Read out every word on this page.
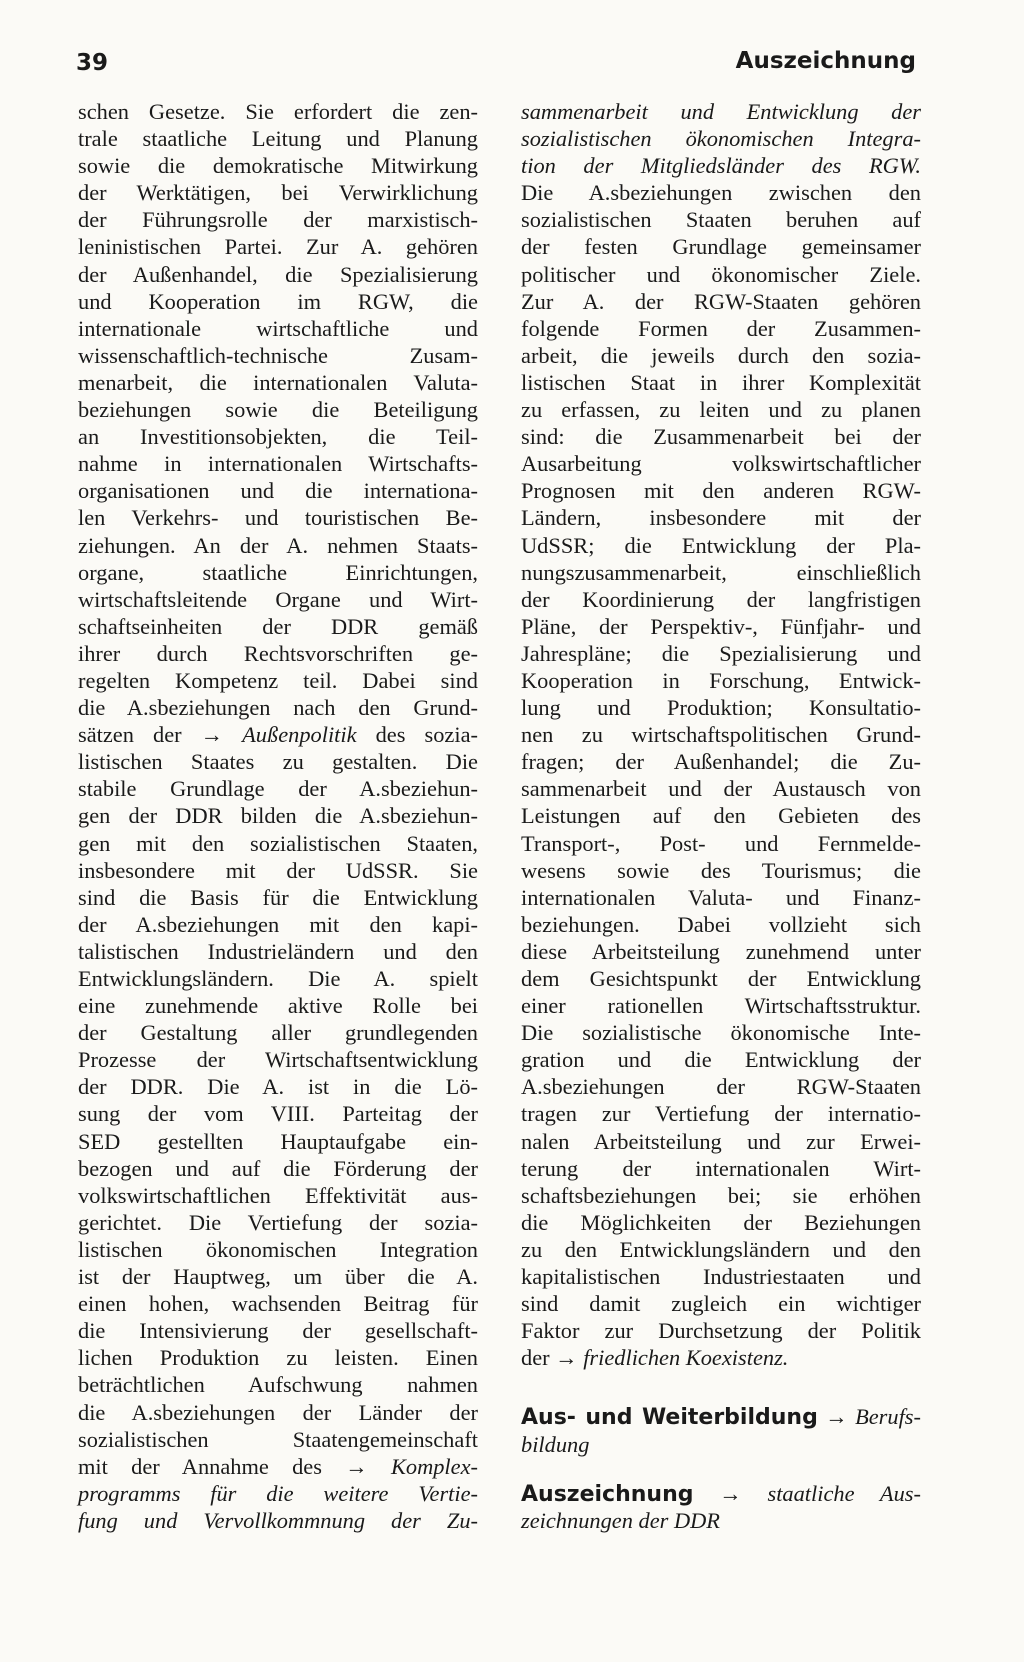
39	Auszeichnung
schen Gesetze. Sie erfordert die zen-
trale staatliche Leitung und Planung
sowie die demokratische Mitwirkung
der Werktätigen, bei Verwirklichung
der Führungsrolle der marxistisch-
leninistischen Partei. Zur A. gehören
der Außenhandel, die Spezialisierung
und Kooperation im RGW, die
internationale wirtschaftliche und
wissenschaftlich-technische Zusam-
menarbeit, die internationalen Valuta-
beziehungen sowie die Beteiligung
an Investitionsobjekten, die Teil-
nahme in internationalen Wirtschafts-
organisationen und die internationa-
len Verkehrs- und touristischen Be-
ziehungen. An der A. nehmen Staats-
organe, staatliche Einrichtungen,
wirtschaftsleitende Organe und Wirt-
schaftseinheiten der DDR gemäß
ihrer durch Rechtsvorschriften ge-
regelten Kompetenz teil. Dabei sind
die A.sbeziehungen nach den Grund-
sätzen der → Außenpolitik des sozia-
listischen Staates zu gestalten. Die
stabile Grundlage der A.sbeziehun-
gen der DDR bilden die A.sbeziehun-
gen mit den sozialistischen Staaten,
insbesondere mit der UdSSR. Sie
sind die Basis für die Entwicklung
der A.sbeziehungen mit den kapi-
talistischen Industrieländern und den
Entwicklungsländern. Die A. spielt
eine zunehmende aktive Rolle bei
der Gestaltung aller grundlegenden
Prozesse der Wirtschaftsentwicklung
der DDR. Die A. ist in die Lö-
sung der vom VIII. Parteitag der
SED gestellten Hauptaufgabe ein-
bezogen und auf die Förderung der
volkswirtschaftlichen Effektivität aus-
gerichtet. Die Vertiefung der sozia-
listischen ökonomischen Integration
ist der Hauptweg, um über die A.
einen hohen, wachsenden Beitrag für
die Intensivierung der gesellschaft-
lichen Produktion zu leisten. Einen
beträchtlichen Aufschwung nahmen
die A.sbeziehungen der Länder der
sozialistischen Staatengemeinschaft
mit der Annahme des → Komplex-
programms für die weitere Vertie-
fung und Vervollkommnung der Zu-
sammenarbeit und Entwicklung der
sozialistischen ökonomischen Integra-
tion der Mitgliedsländer des RGW.
Die A.sbeziehungen zwischen den
sozialistischen Staaten beruhen auf
der festen Grundlage gemeinsamer
politischer und ökonomischer Ziele.
Zur A. der RGW-Staaten gehören
folgende Formen der Zusammen-
arbeit, die jeweils durch den sozia-
listischen Staat in ihrer Komplexität
zu erfassen, zu leiten und zu planen
sind: die Zusammenarbeit bei der
Ausarbeitung volkswirtschaftlicher
Prognosen mit den anderen RGW-
Ländern, insbesondere mit der
UdSSR; die Entwicklung der Pla-
nungszusammenarbeit, einschließlich
der Koordinierung der langfristigen
Pläne, der Perspektiv-, Fünfjahr- und
Jahrespläne; die Spezialisierung und
Kooperation in Forschung, Entwick-
lung und Produktion; Konsultatio-
nen zu wirtschaftspolitischen Grund-
fragen; der Außenhandel; die Zu-
sammenarbeit und der Austausch von
Leistungen auf den Gebieten des
Transport-, Post- und Fernmelde-
wesens sowie des Tourismus; die
internationalen Valuta- und Finanz-
beziehungen. Dabei vollzieht sich
diese Arbeitsteilung zunehmend unter
dem Gesichtspunkt der Entwicklung
einer rationellen Wirtschaftsstruktur.
Die sozialistische ökonomische Inte-
gration und die Entwicklung der
A.sbeziehungen der RGW-Staaten
tragen zur Vertiefung der internatio-
nalen Arbeitsteilung und zur Erwei-
terung der internationalen Wirt-
schaftsbeziehungen bei; sie erhöhen
die Möglichkeiten der Beziehungen
zu den Entwicklungsländern und den
kapitalistischen Industriestaaten und
sind damit zugleich ein wichtiger
Faktor zur Durchsetzung der Politik
der → friedlichen Koexistenz.
Aus- und Weiterbildung → Berufs-
bildung
Auszeichnung → staatliche Aus-
zeichnungen der DDR
